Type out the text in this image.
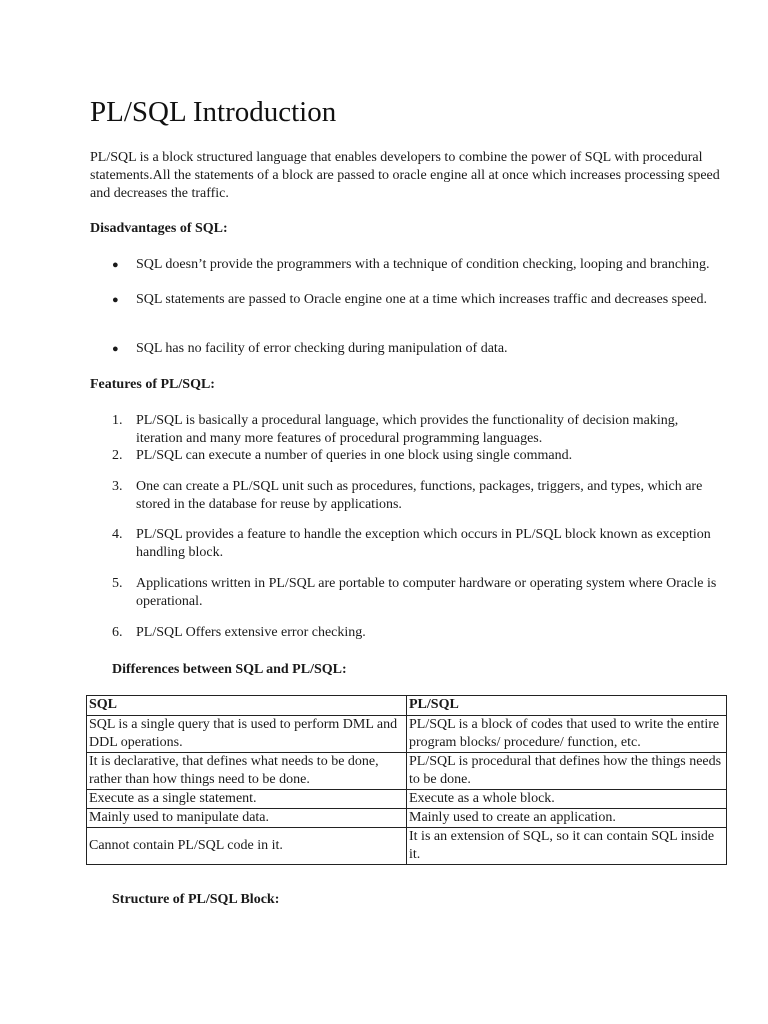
PL/SQL Introduction

PL/SQL is a block structured language that enables developers to combine the power of SQL with procedural statements.All the statements of a block are passed to oracle engine all at once which increases processing speed and decreases the traffic.

Disadvantages of SQL:
●	SQL doesn’t provide the programmers with a technique of condition checking, looping and branching.
●	SQL statements are passed to Oracle engine one at a time which increases traffic and decreases speed.
●	SQL has no facility of error checking during manipulation of data.
Features of PL/SQL:
1. PL/SQL is basically a procedural language, which provides the functionality of decision making, iteration and many more features of procedural programming languages.
2. PL/SQL can execute a number of queries in one block using single command.
3. One can create a PL/SQL unit such as procedures, functions, packages, triggers, and types, which are stored in the database for reuse by applications.
4. PL/SQL provides a feature to handle the exception which occurs in PL/SQL block known as exception handling block.
5. Applications written in PL/SQL are portable to computer hardware or operating system where Oracle is operational.
6. PL/SQL Offers extensive error checking.
Differences between SQL and PL/SQL:
SQL	PL/SQL
SQL is a single query that is used to perform DML and DDL operations.	PL/SQL is a block of codes that used to write the entire program blocks/ procedure/ function, etc.
It is declarative, that defines what needs to be done, rather than how things need to be done.	PL/SQL is procedural that defines how the things needs to be done.
Execute as a single statement.	Execute as a whole block.
Mainly used to manipulate data.	Mainly used to create an application.
Cannot contain PL/SQL code in it.	It is an extension of SQL, so it can contain SQL inside it.
Structure of PL/SQL Block:
